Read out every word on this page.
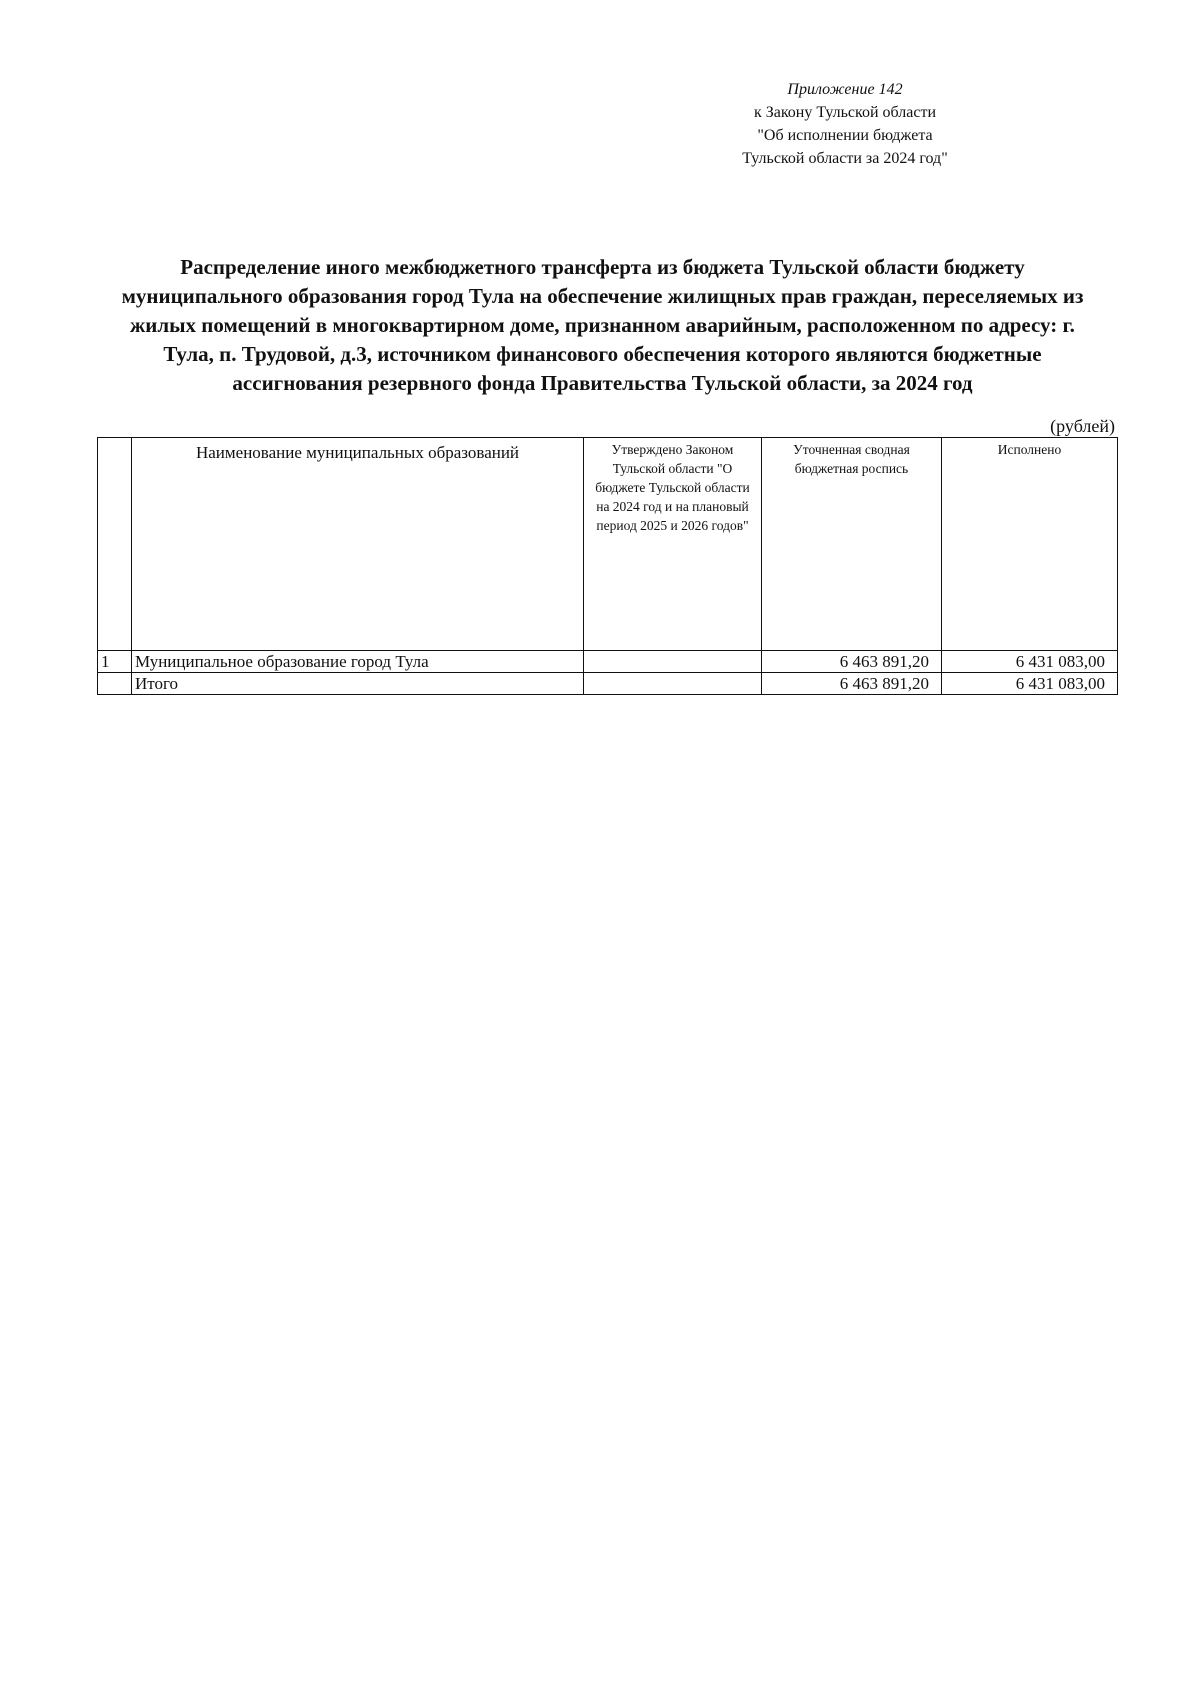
Приложение 142
к Закону Тульской области
"Об исполнении бюджета
Тульской области за 2024 год"
Распределение иного межбюджетного трансферта из бюджета Тульской области бюджету
муниципального образования город Тула на обеспечение жилищных прав граждан, переселяемых из
жилых помещений в многоквартирном доме, признанном аварийным, расположенном по адресу: г.
Тула, п. Трудовой, д.3, источником финансового обеспечения которого являются бюджетные
ассигнования резервного фонда Правительства Тульской области, за 2024 год
(рублей)
	Наименование муниципальных образований	Утверждено Законом Тульской области "О бюджете Тульской области на 2024 год и на плановый период 2025 и 2026 годов"	Уточненная сводная бюджетная роспись	Исполнено
1	Муниципальное образование город Тула		6 463 891,20	6 431 083,00
	Итого		6 463 891,20	6 431 083,00
